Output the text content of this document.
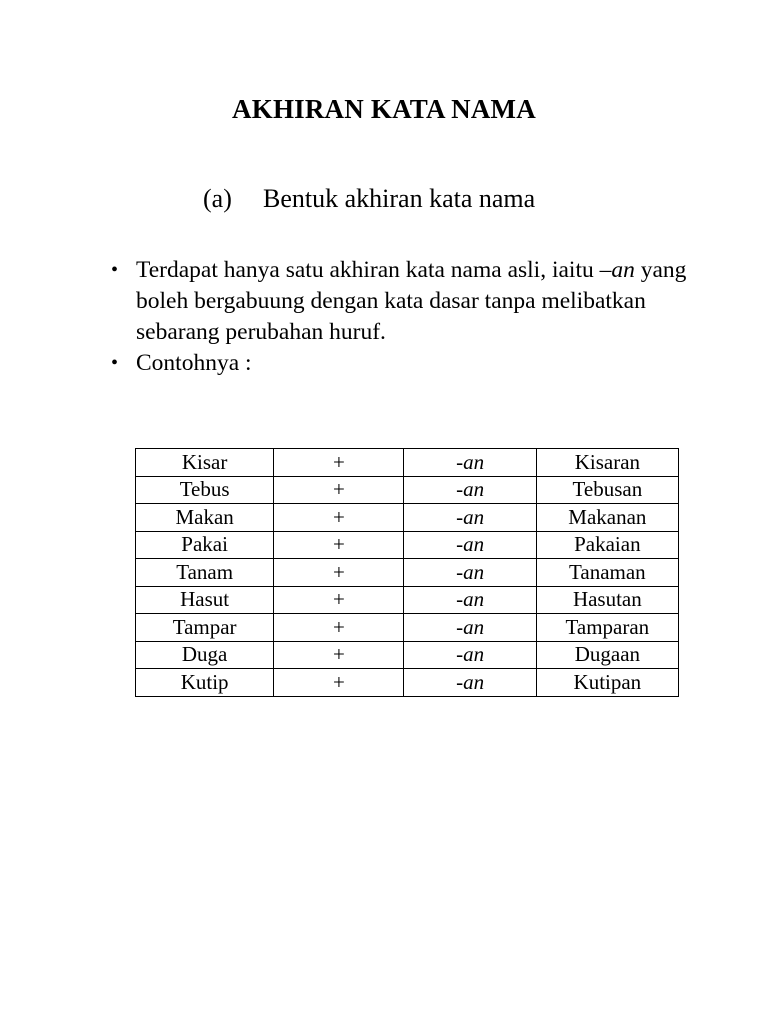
AKHIRAN KATA NAMA
(a) Bentuk akhiran kata nama
• Terdapat hanya satu akhiran kata nama asli, iaitu –an yang boleh bergabuung dengan kata dasar tanpa melibatkan sebarang perubahan huruf.
• Contohnya :
Kisar	+	-an	Kisaran
Tebus	+	-an	Tebusan
Makan	+	-an	Makanan
Pakai	+	-an	Pakaian
Tanam	+	-an	Tanaman
Hasut	+	-an	Hasutan
Tampar	+	-an	Tamparan
Duga	+	-an	Dugaan
Kutip	+	-an	Kutipan
